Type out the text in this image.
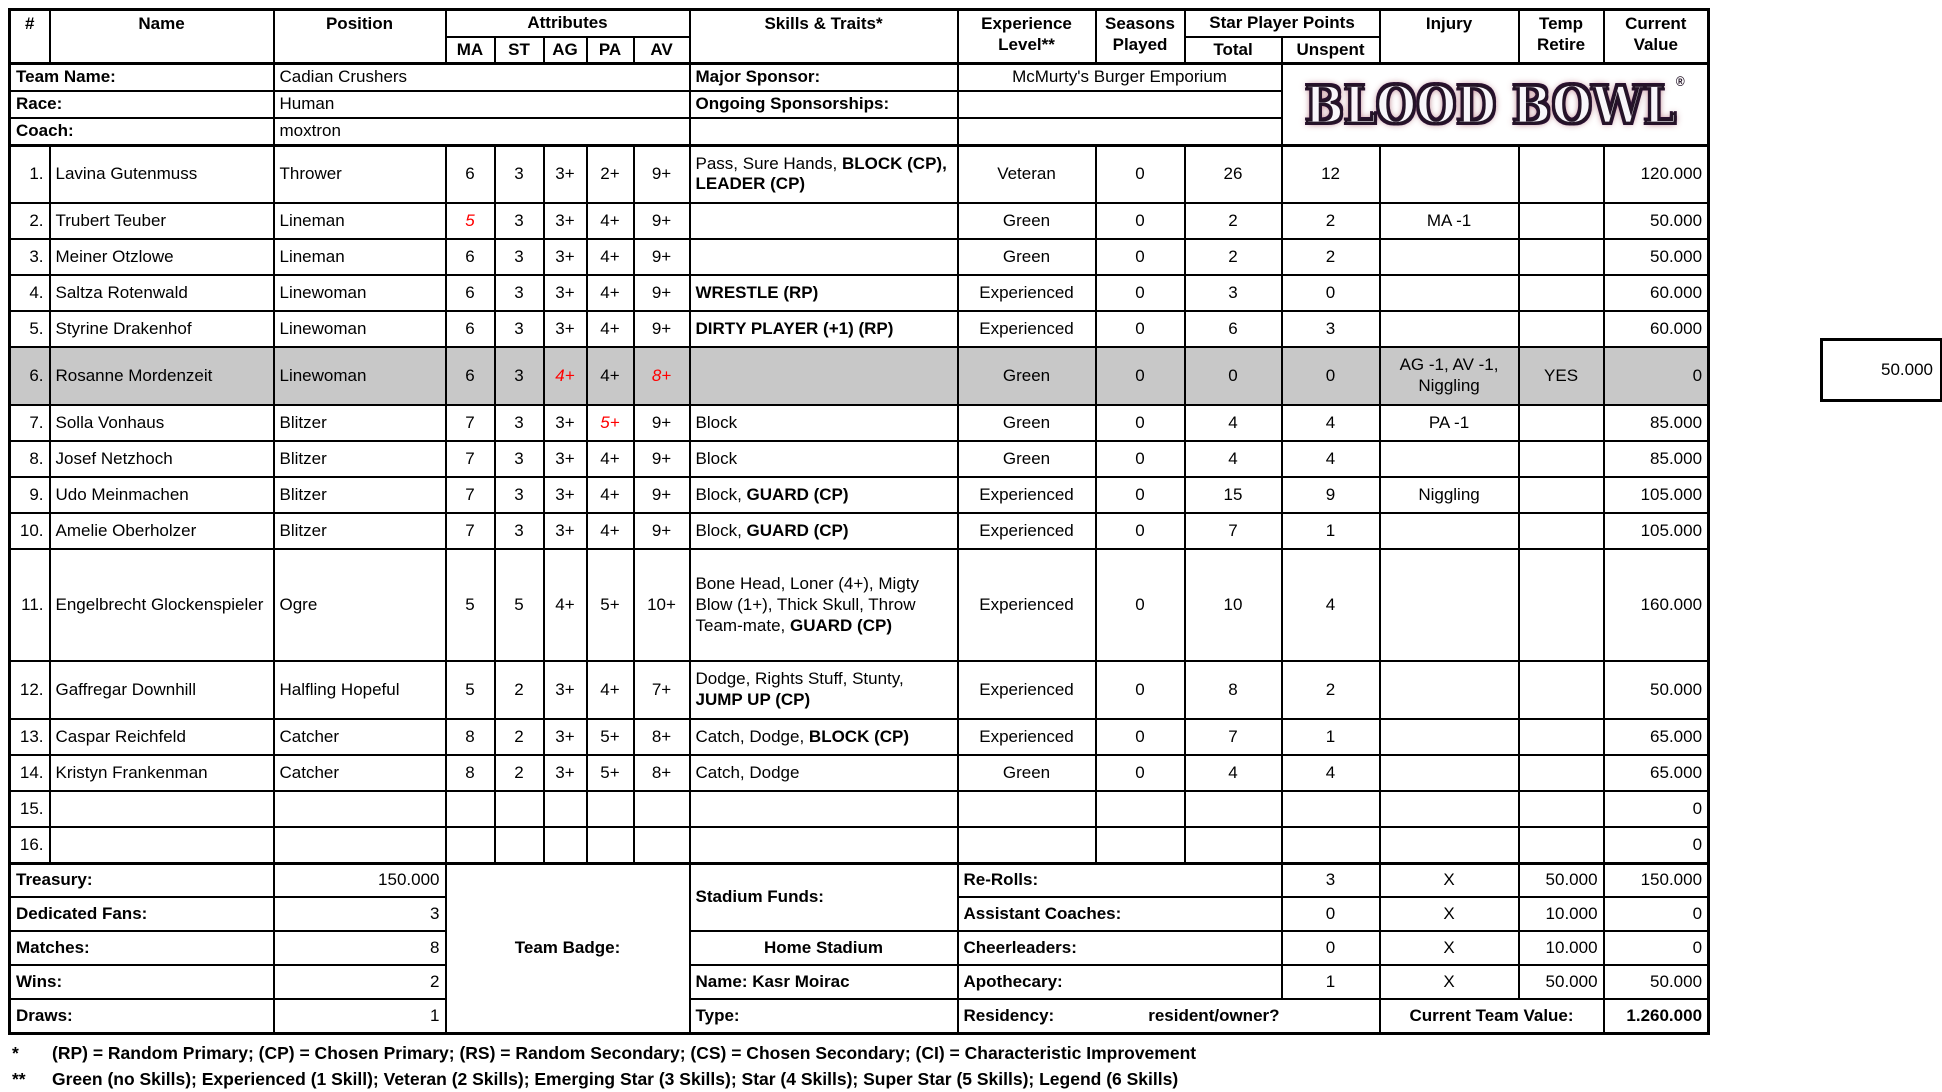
Team Name:		Cadian Crushers						Major Sponsor:	McMurty's Burger Emporium			BLOOD BOWL®
Race:		Human						Ongoing Sponsorships:							
Coach:		moxtron													
#	Name	Position	Attributes					Skills & Traits*	Experience Level**	Seasons Played	Star Player Points		Injury	Temp Retire	Current Value
			MA	ST	AG	PA	AV				Total	Unspent			
1.	Lavina Gutenmuss	Thrower	6	3	3+	2+	9+	Pass, Sure Hands, BLOCK (CP), LEADER (CP)	Veteran	0	26	12			120.000
2.	Trubert Teuber	Lineman	5	3	3+	4+	9+		Green	0	2	2	MA -1		50.000
3.	Meiner Otzlowe	Lineman	6	3	3+	4+	9+		Green	0	2	2			50.000
4.	Saltza Rotenwald	Linewoman	6	3	3+	4+	9+	WRESTLE (RP)	Experienced	0	3	0			60.000
5.	Styrine Drakenhof	Linewoman	6	3	3+	4+	9+	DIRTY PLAYER (+1) (RP)	Experienced	0	6	3			60.000
6.	Rosanne Mordenzeit	Linewoman	6	3	4+	4+	8+		Green	0	0	0	AG -1, AV -1, Niggling	YES	0
7.	Solla Vonhaus	Blitzer	7	3	3+	5+	9+	Block	Green	0	4	4	PA -1		85.000
8.	Josef Netzhoch	Blitzer	7	3	3+	4+	9+	Block	Green	0	4	4			85.000
9.	Udo Meinmachen	Blitzer	7	3	3+	4+	9+	Block, GUARD (CP)	Experienced	0	15	9	Niggling		105.000
10.	Amelie Oberholzer	Blitzer	7	3	3+	4+	9+	Block, GUARD (CP)	Experienced	0	7	1			105.000
11.	Engelbrecht Glockenspieler	Ogre	5	5	4+	5+	10+	Bone Head, Loner (4+), Migty Blow (1+), Thick Skull, Throw Team-mate, GUARD (CP)	Experienced	0	10	4			160.000
12.	Gaffregar Downhill	Halfling Hopeful	5	2	3+	4+	7+	Dodge, Rights Stuff, Stunty, JUMP UP (CP)	Experienced	0	8	2			50.000
13.	Caspar Reichfeld	Catcher	8	2	3+	5+	8+	Catch, Dodge, BLOCK (CP)	Experienced	0	7	1			65.000
14.	Kristyn Frankenman	Catcher	8	2	3+	5+	8+	Catch, Dodge	Green	0	4	4			65.000
15.															0
16.															0
Treasury:		150.000	Team Badge:					Stadium Funds:	Re-Rolls:			3	X	50.000	150.000
Dedicated Fans:		3							Assistant Coaches:			0	X	10.000	0
Matches:		8						Home Stadium	Cheerleaders:			0	X	10.000	0
Wins:		2						Name: Kasr Moirac	Apothecary:			1	X	50.000	50.000
Draws:		1						Type:	Residency: resident/owner?				Current Team Value:		1.260.000
*	(RP) = Random Primary; (CP) = Chosen Primary; (RS) = Random Secondary; (CS) = Chosen Secondary; (CI) = Characteristic Improvement
**	Green (no Skills); Experienced (1 Skill); Veteran (2 Skills); Emerging Star (3 Skills); Star (4 Skills); Super Star (5 Skills); Legend (6 Skills)
50.000
